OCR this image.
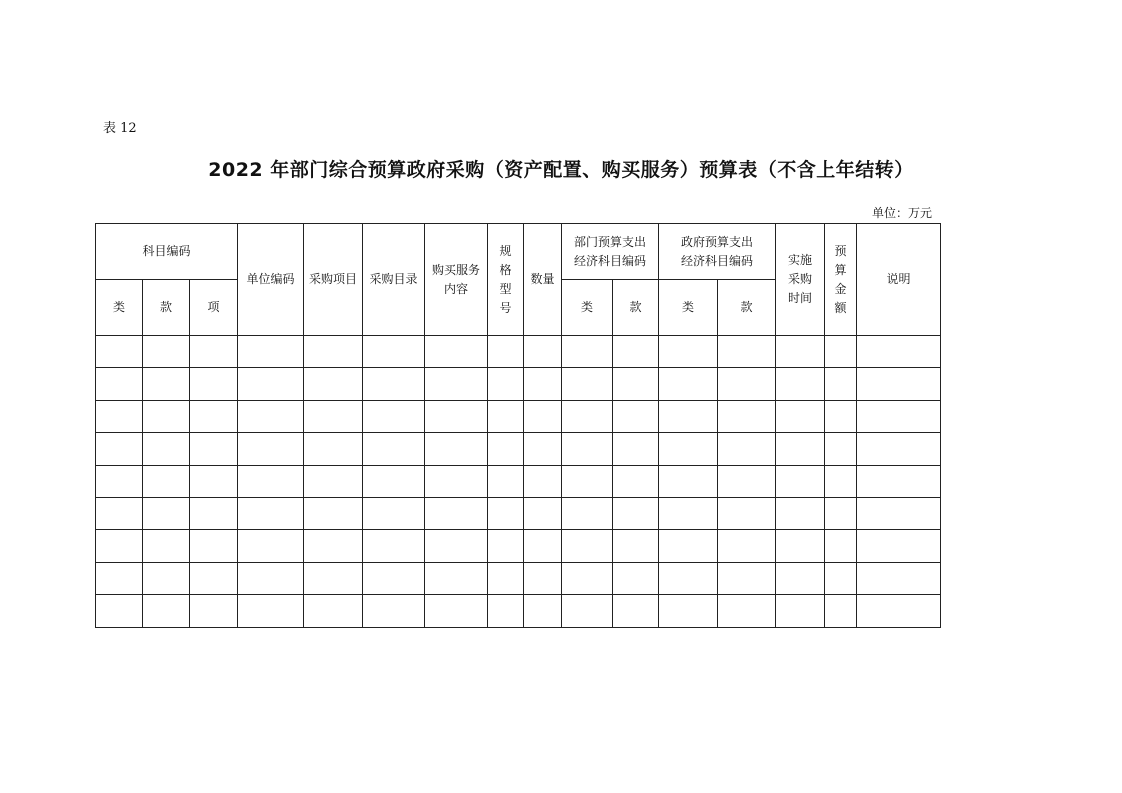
表 12
2022 年部门综合预算政府采购（资产配置、购买服务）预算表（不含上年结转）
单位：万元
科目编码			单位编码	采购项目	采购目录	购买服务内容	规格型号	数量	部门预算支出经济科目编码		政府预算支出经济科目编码		实施采购时间	预算金额	说明
类	款	项							类	款	类	款			
